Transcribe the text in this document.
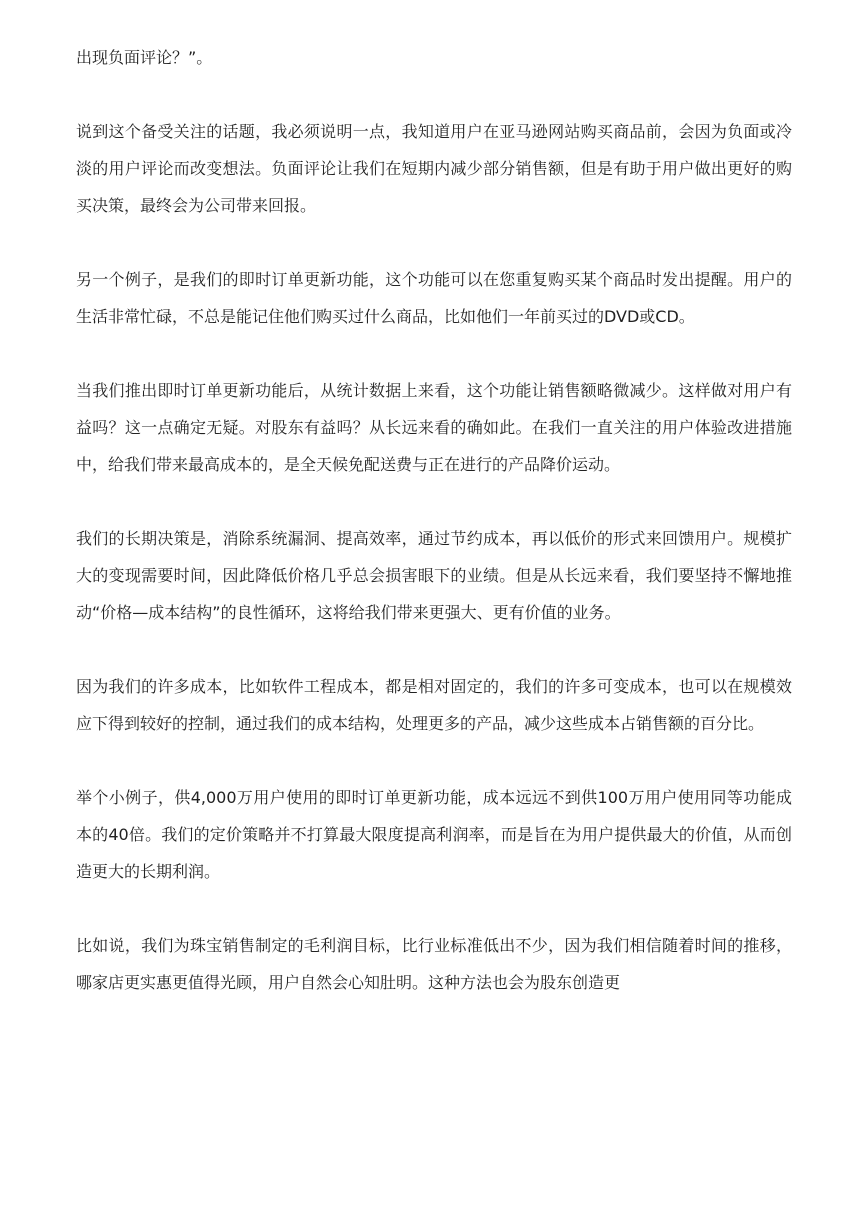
出现负面评论？”。

说到这个备受关注的话题，我必须说明一点，我知道用户在亚马逊网站购买商品前，会因为负面或冷淡的用户评论而改变想法。负面评论让我们在短期内减少部分销售额，但是有助于用户做出更好的购买决策，最终会为公司带来回报。

另一个例子，是我们的即时订单更新功能，这个功能可以在您重复购买某个商品时发出提醒。用户的生活非常忙碌，不总是能记住他们购买过什么商品，比如他们一年前买过的DVD或CD。

当我们推出即时订单更新功能后，从统计数据上来看，这个功能让销售额略微减少。这样做对用户有益吗？这一点确定无疑。对股东有益吗？从长远来看的确如此。在我们一直关注的用户体验改进措施中，给我们带来最高成本的，是全天候免配送费与正在进行的产品降价运动。

我们的长期决策是，消除系统漏洞、提高效率，通过节约成本，再以低价的形式来回馈用户。规模扩大的变现需要时间，因此降低价格几乎总会损害眼下的业绩。但是从长远来看，我们要坚持不懈地推动“价格—成本结构”的良性循环，这将给我们带来更强大、更有价值的业务。

因为我们的许多成本，比如软件工程成本，都是相对固定的，我们的许多可变成本，也可以在规模效应下得到较好的控制，通过我们的成本结构，处理更多的产品，减少这些成本占销售额的百分比。

举个小例子，供4,000万用户使用的即时订单更新功能，成本远远不到供100万用户使用同等功能成本的40倍。我们的定价策略并不打算最大限度提高利润率，而是旨在为用户提供最大的价值，从而创造更大的长期利润。

比如说，我们为珠宝销售制定的毛利润目标，比行业标准低出不少，因为我们相信随着时间的推移，哪家店更实惠更值得光顾，用户自然会心知肚明。这种方法也会为股东创造更
